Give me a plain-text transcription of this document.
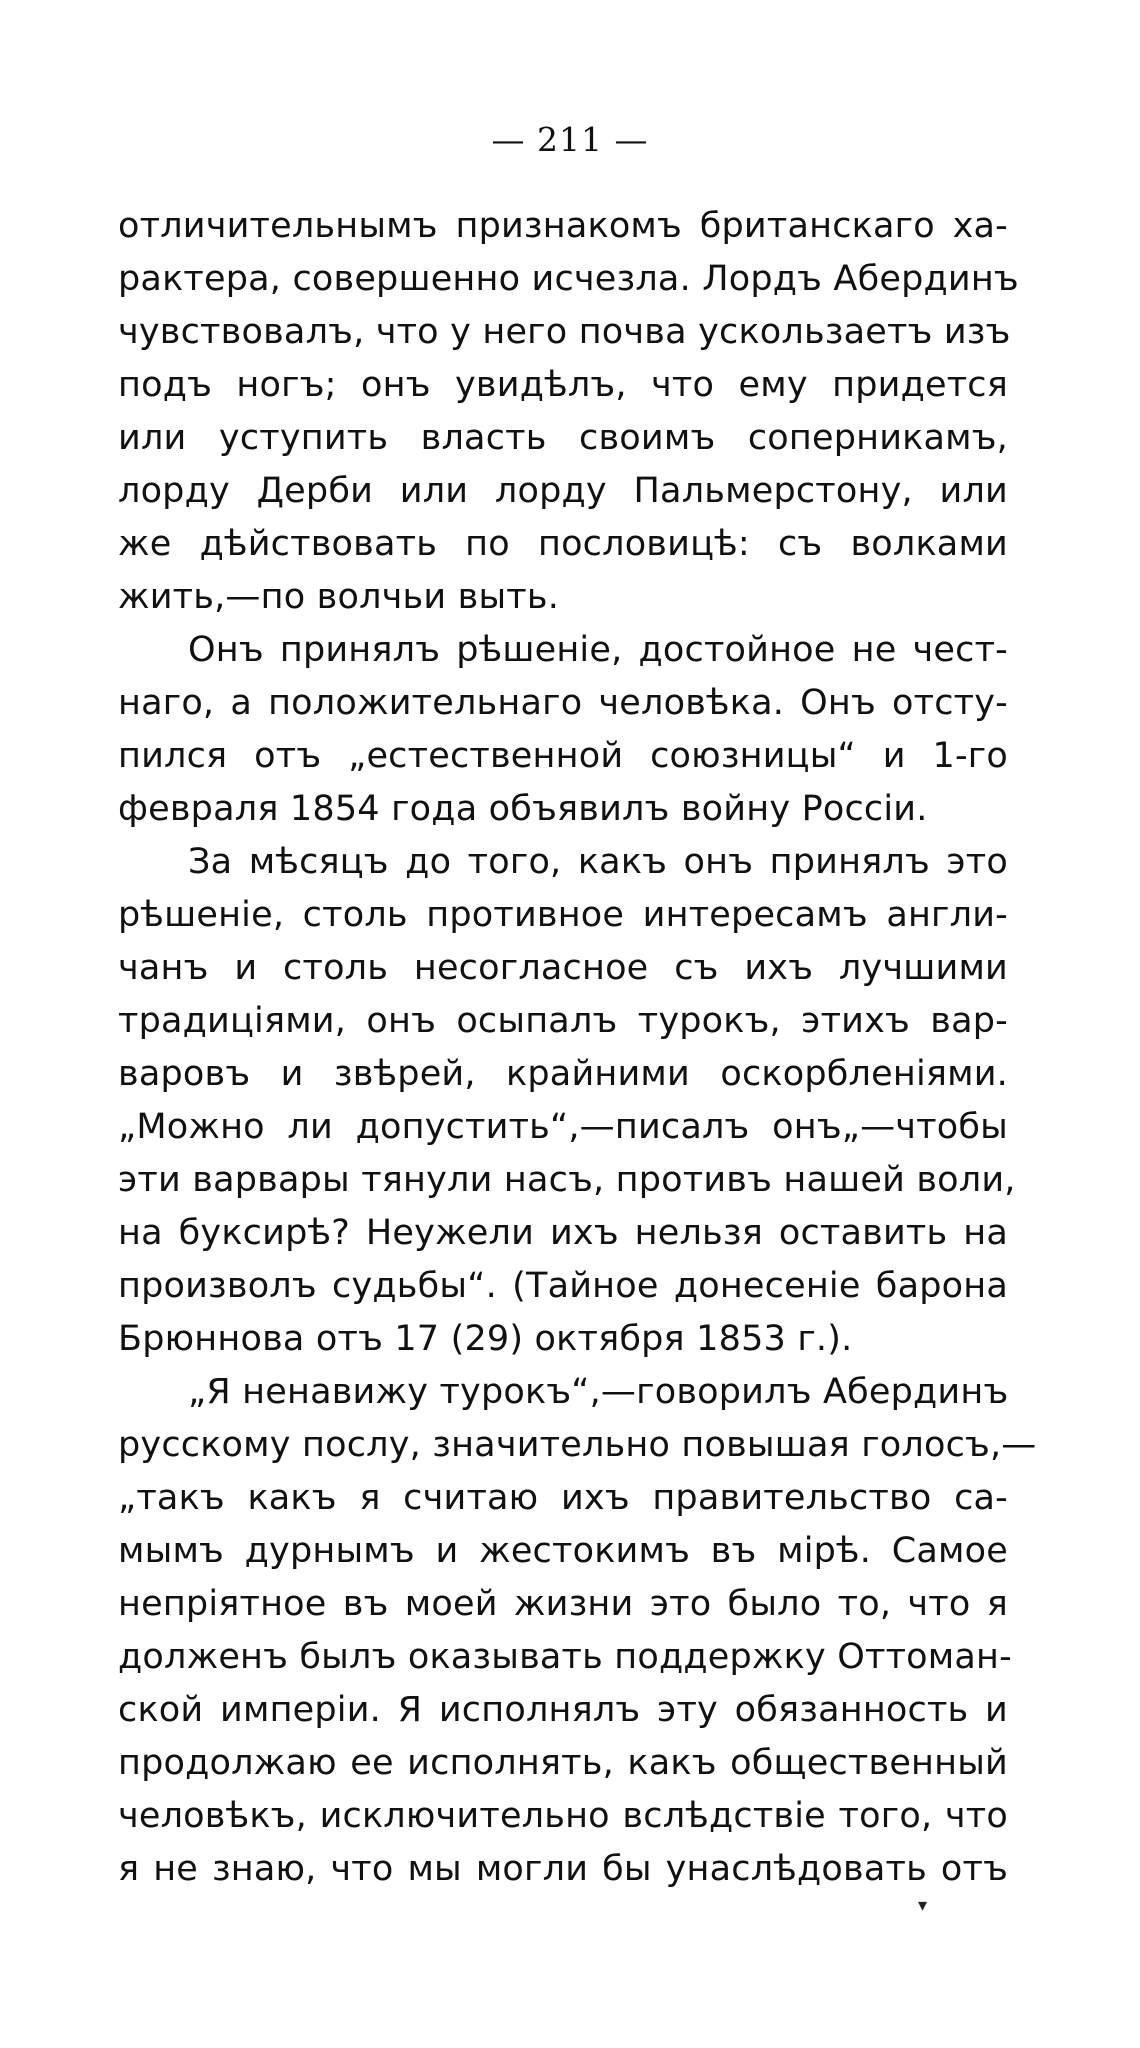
— 211 —
отличительнымъ признакомъ британскаго ха-
рактера, совершенно исчезла. Лордъ Абердинъ
чувствовалъ, что у него почва ускользаетъ изъ
подъ ногъ; онъ увидѣлъ, что ему придется
или уступить власть своимъ соперникамъ,
лорду Дерби или лорду Пальмерстону, или
же дѣйствовать по пословицѣ: съ волками
жить,—по волчьи выть.
Онъ принялъ рѣшеніе, достойное не чест-
наго, а положительнаго человѣка. Онъ отсту-
пился отъ „естественной союзницы“ и 1-го
февраля 1854 года объявилъ войну Россіи.
За мѣсяцъ до того, какъ онъ принялъ это
рѣшеніе, столь противное интересамъ англи-
чанъ и столь несогласное съ ихъ лучшими
традиціями, онъ осыпалъ турокъ, этихъ вар-
варовъ и звѣрей, крайними оскорбленіями.
„Можно ли допустить“,—писалъ онъ„—чтобы
эти варвары тянули насъ, противъ нашей воли,
на буксирѣ? Неужели ихъ нельзя оставить на
произволъ судьбы“. (Тайное донесеніе барона
Брюннова отъ 17 (29) октября 1853 г.).
„Я ненавижу турокъ“,—говорилъ Абердинъ
русскому послу, значительно повышая голосъ,—
„такъ какъ я считаю ихъ правительство са-
мымъ дурнымъ и жестокимъ въ мірѣ. Самое
непріятное въ моей жизни это было то, что я
долженъ былъ оказывать поддержку Оттоман-
ской имперіи. Я исполнялъ эту обязанность и
продолжаю ее исполнять, какъ общественный
человѣкъ, исключительно вслѣдствіе того, что
я не знаю, что мы могли бы унаслѣдовать отъ
▾
